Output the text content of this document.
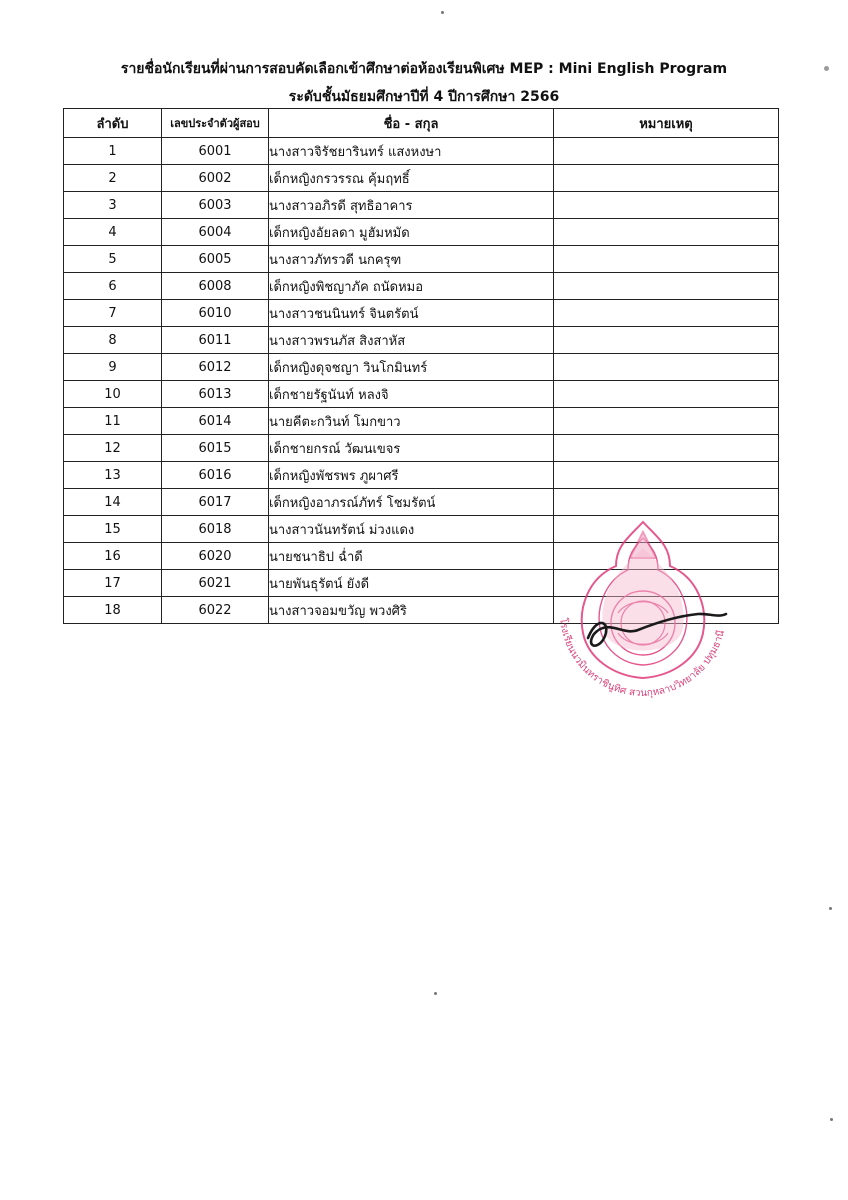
รายชื่อนักเรียนที่ผ่านการสอบคัดเลือกเข้าศึกษาต่อห้องเรียนพิเศษ MEP : Mini English Program
ระดับชั้นมัธยมศึกษาปีที่ 4 ปีการศึกษา 2566
ลำดับ	เลขประจำตัวผู้สอบ	ชื่อ - สกุล	หมายเหตุ
1	6001	นางสาวจิรัชยารินทร์ แสงหงษา	
2	6002	เด็กหญิงกรวรรณ คุ้มฤทธิ์	
3	6003	นางสาวอภิรดี สุทธิอาคาร	
4	6004	เด็กหญิงอัยลดา มูฮัมหมัด	
5	6005	นางสาวภัทรวดี นกครุฑ	
6	6008	เด็กหญิงพิชญาภัค ถนัดหมอ	
7	6010	นางสาวชนนินทร์ จินตรัตน์	
8	6011	นางสาวพรนภัส สิงสาหัส	
9	6012	เด็กหญิงดุจชญา วินโกมินทร์	
10	6013	เด็กชายรัฐนันท์ หลงจิ	
11	6014	นายคีตะกวินท์ โมกขาว	
12	6015	เด็กชายกรณ์ วัฒนเขจร	
13	6016	เด็กหญิงพัชรพร ภูผาศรี	
14	6017	เด็กหญิงอาภรณ์ภัทร์ โชมรัตน์	
15	6018	นางสาวนันทรัตน์ ม่วงแดง	
16	6020	นายชนาธิป ฉ่ำดี	
17	6021	นายพันธุรัตน์ ยังดี	
18	6022	นางสาวจอมขวัญ พวงศิริ	
โรงเรียนนวมินทราชินูทิศ สวนกุหลาบวิทยาลัย ปทุมธานี
